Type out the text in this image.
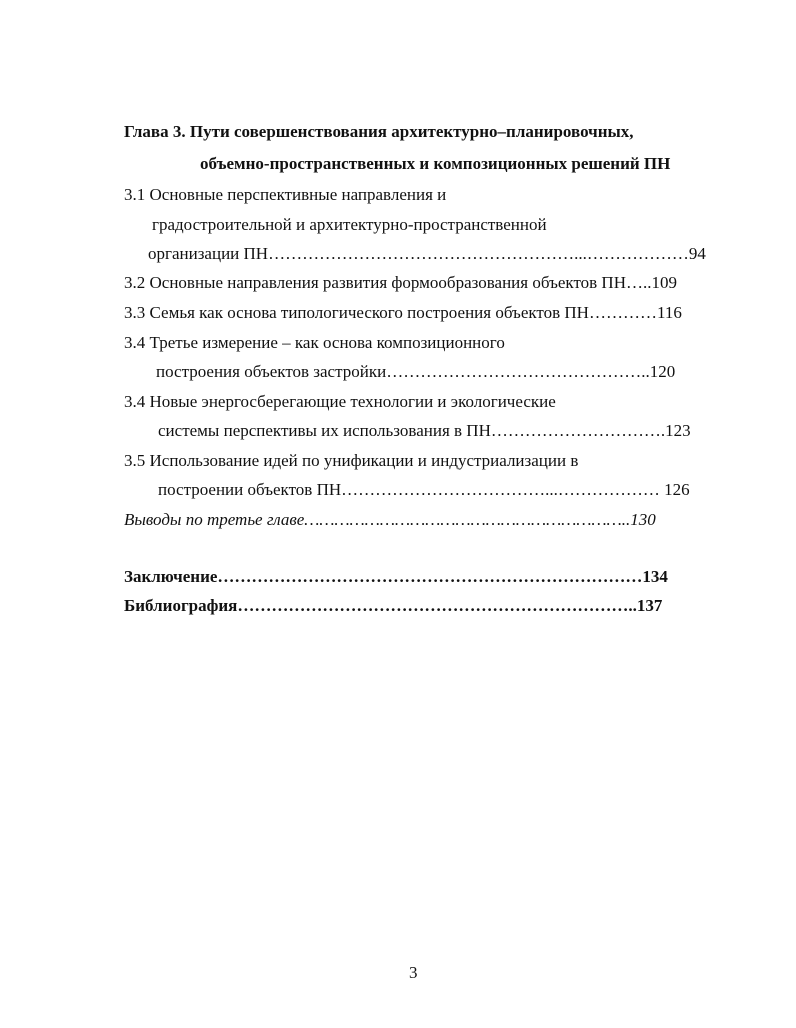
Глава 3. Пути совершенствования архитектурно–планировочных,
объемно-пространственных и композиционных решений ПН
3.1 Основные перспективные направления и
градостроительной и архитектурно-пространственной
организации ПН………………………………………………...………………94
3.2 Основные направления развития формообразования объектов ПН…..109
3.3 Семья как основа типологического построения объектов ПН…………116
3.4 Третье измерение – как основа композиционного
построения объектов застройки………………………………………..120
3.4 Новые энергосберегающие технологии и экологические
системы перспективы их использования в ПН………………………….123
3.5 Использование идей по унификации и индустриализации в
построении объектов ПН………………………………...……………… 126
Выводы по третье главе………………………………………………………..130
Заключение…………………………………………………………………134
Библиография……………………………………………………………..137
3
